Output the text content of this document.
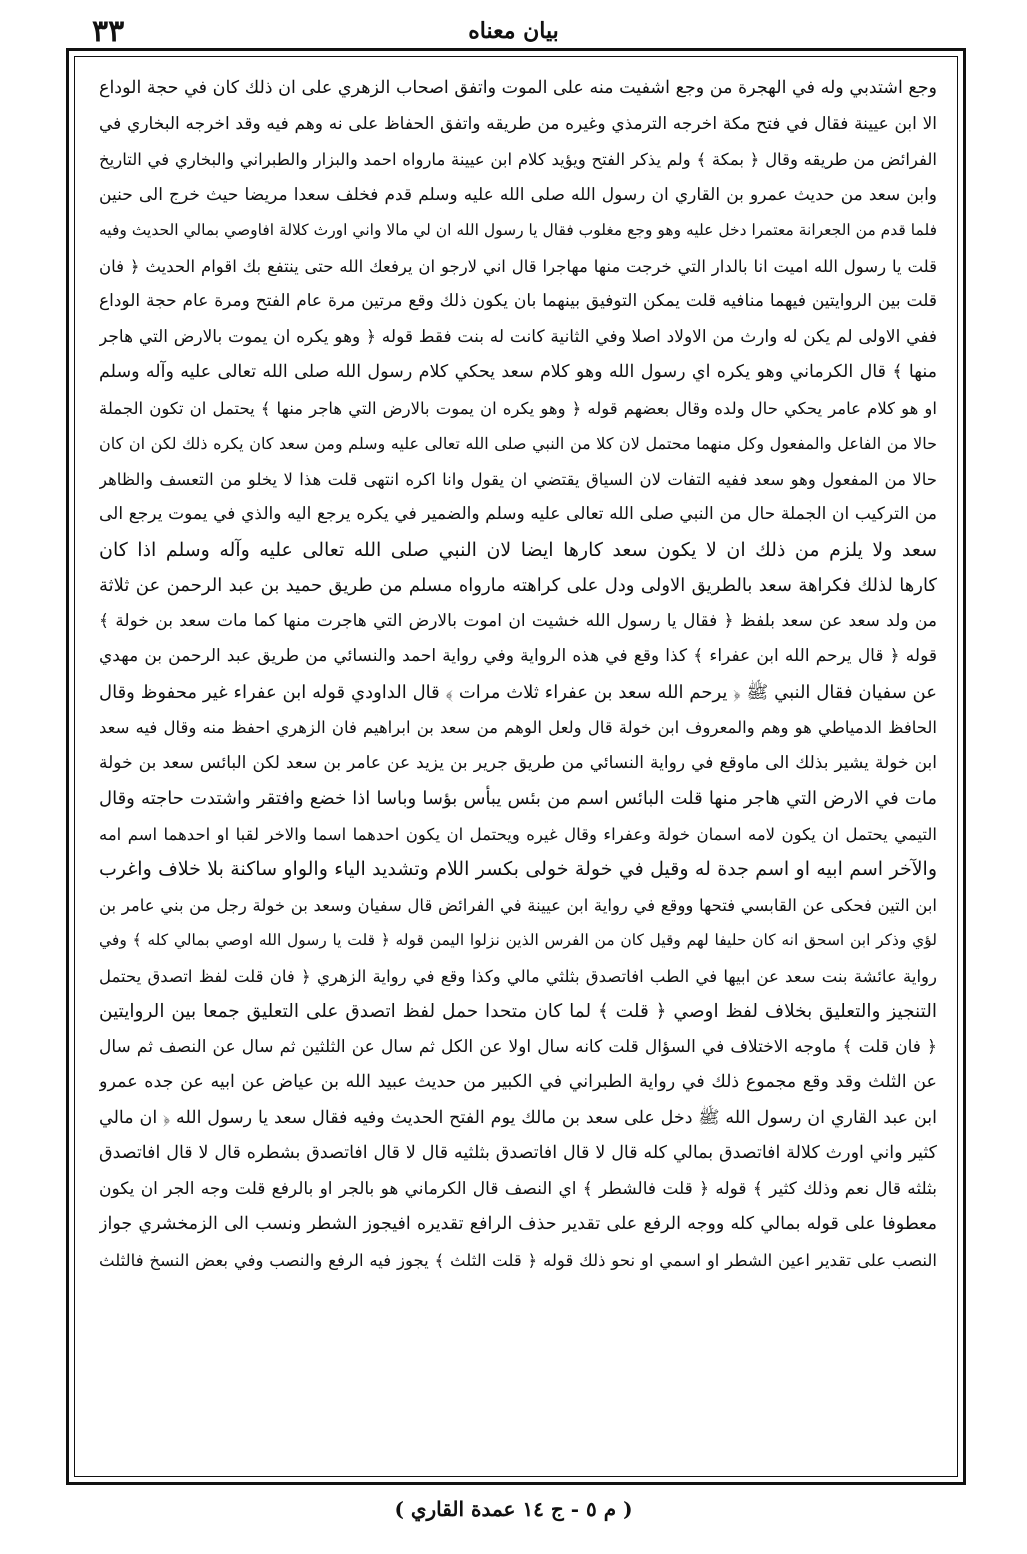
۳۳	بيان معناه
وجع اشتدبي وله في الهجرة من وجع اشفيت منه على الموت واتفق اصحاب الزهري على ان ذلك كان في حجة الوداع
الا ابن عيينة فقال في فتح مكة اخرجه الترمذي وغيره من طريقه واتفق الحفاظ على نه وهم فيه وقد اخرجه البخاري في
الفرائض من طريقه وقال ﴿ بمكة ﴾ ولم يذكر الفتح ويؤيد كلام ابن عيينة مارواه احمد والبزار والطبراني والبخاري في التاريخ
وابن سعد من حديث عمرو بن القاري ان رسول الله صلى الله عليه وسلم قدم فخلف سعدا مريضا حيث خرج الى حنين
فلما قدم من الجعرانة معتمرا دخل عليه وهو وجع مغلوب فقال يا رسول الله ان لي مالا واني اورث كلالة افاوصي بمالي الحديث وفيه
قلت يا رسول الله اميت انا بالدار التي خرجت منها مهاجرا قال اني لارجو ان يرفعك الله حتى ينتفع بك اقوام الحديث ﴿ فان
قلت بين الروايتين فيهما منافيه قلت يمكن التوفيق بينهما بان يكون ذلك وقع مرتين مرة عام الفتح ومرة عام حجة الوداع
ففي الاولى لم يكن له وارث من الاولاد اصلا وفي الثانية كانت له بنت فقط قوله ﴿ وهو يكره ان يموت بالارض التي هاجر
منها ﴾ قال الكرماني وهو يكره اي رسول الله وهو كلام سعد يحكي كلام رسول الله صلى الله تعالى عليه وآله وسلم
او هو كلام عامر يحكي حال ولده وقال بعضهم قوله ﴿ وهو يكره ان يموت بالارض التي هاجر منها ﴾ يحتمل ان تكون الجملة
حالا من الفاعل والمفعول وكل منهما محتمل لان كلا من النبي صلى الله تعالى عليه وسلم ومن سعد كان يكره ذلك لكن ان كان
حالا من المفعول وهو سعد ففيه التفات لان السياق يقتضي ان يقول وانا اكره انتهى قلت هذا لا يخلو من التعسف والظاهر
من التركيب ان الجملة حال من النبي صلى الله تعالى عليه وسلم والضمير في يكره يرجع اليه والذي في يموت يرجع الى
سعد ولا يلزم من ذلك ان لا يكون سعد كارها ايضا لان النبي صلى الله تعالى عليه وآله وسلم اذا كان
كارها لذلك فكراهة سعد بالطريق الاولى ودل على كراهته مارواه مسلم من طريق حميد بن عبد الرحمن عن ثلاثة
من ولد سعد عن سعد بلفظ ﴿ فقال يا رسول الله خشيت ان اموت بالارض التي هاجرت منها كما مات سعد بن خولة ﴾
قوله ﴿ قال يرحم الله ابن عفراء ﴾ كذا وقع في هذه الرواية وفي رواية احمد والنسائي من طريق عبد الرحمن بن مهدي
عن سفيان فقال النبي ﷺ ﴿ يرحم الله سعد بن عفراء ثلاث مرات ﴾ قال الداودي قوله ابن عفراء غير محفوظ وقال
الحافظ الدمياطي هو وهم والمعروف ابن خولة قال ولعل الوهم من سعد بن ابراهيم فان الزهري احفظ منه وقال فيه سعد
ابن خولة يشير بذلك الى ماوقع في رواية النسائي من طريق جرير بن يزيد عن عامر بن سعد لكن البائس سعد بن خولة
مات في الارض التي هاجر منها قلت البائس اسم من بئس يبأس بؤسا وباسا اذا خضع وافتقر واشتدت حاجته وقال
التيمي يحتمل ان يكون لامه اسمان خولة وعفراء وقال غيره ويحتمل ان يكون احدهما اسما والاخر لقبا او احدهما اسم امه
والآخر اسم ابيه او اسم جدة له وقيل في خولة خولى بكسر اللام وتشديد الياء والواو ساكنة بلا خلاف واغرب
ابن التين فحكى عن القابسي فتحها ووقع في رواية ابن عيينة في الفرائض قال سفيان وسعد بن خولة رجل من بني عامر بن
لؤي وذكر ابن اسحق انه كان حليفا لهم وقيل كان من الفرس الذين نزلوا اليمن قوله ﴿ قلت يا رسول الله اوصي بمالي كله ﴾ وفي
رواية عائشة بنت سعد عن ابيها في الطب افاتصدق بثلثي مالي وكذا وقع في رواية الزهري ﴿ فان قلت لفظ اتصدق يحتمل
التنجيز والتعليق بخلاف لفظ اوصي ﴿ قلت ﴾ لما كان متحدا حمل لفظ اتصدق على التعليق جمعا بين الروايتين
﴿ فان قلت ﴾ ماوجه الاختلاف في السؤال قلت كانه سال اولا عن الكل ثم سال عن الثلثين ثم سال عن النصف ثم سال
عن الثلث وقد وقع مجموع ذلك في رواية الطبراني في الكبير من حديث عبيد الله بن عياض عن ابيه عن جده عمرو
ابن عبد القاري ان رسول الله ﷺ دخل على سعد بن مالك يوم الفتح الحديث وفيه فقال سعد يا رسول الله ﴿ ان مالي
كثير واني اورث كلالة افاتصدق بمالي كله قال لا قال افاتصدق بثلثيه قال لا قال افاتصدق بشطره قال لا قال افاتصدق
بثلثه قال نعم وذلك كثير ﴾ قوله ﴿ قلت فالشطر ﴾ اي النصف قال الكرماني هو بالجر او بالرفع قلت وجه الجر ان يكون
معطوفا على قوله بمالي كله ووجه الرفع على تقدير حذف الرافع تقديره افيجوز الشطر ونسب الى الزمخشري جواز
النصب على تقدير اعين الشطر او اسمي او نحو ذلك قوله ﴿ قلت الثلث ﴾ يجوز فيه الرفع والنصب وفي بعض النسخ فالثلث
( م ٥ - ج ١٤ عمدة القاري )
